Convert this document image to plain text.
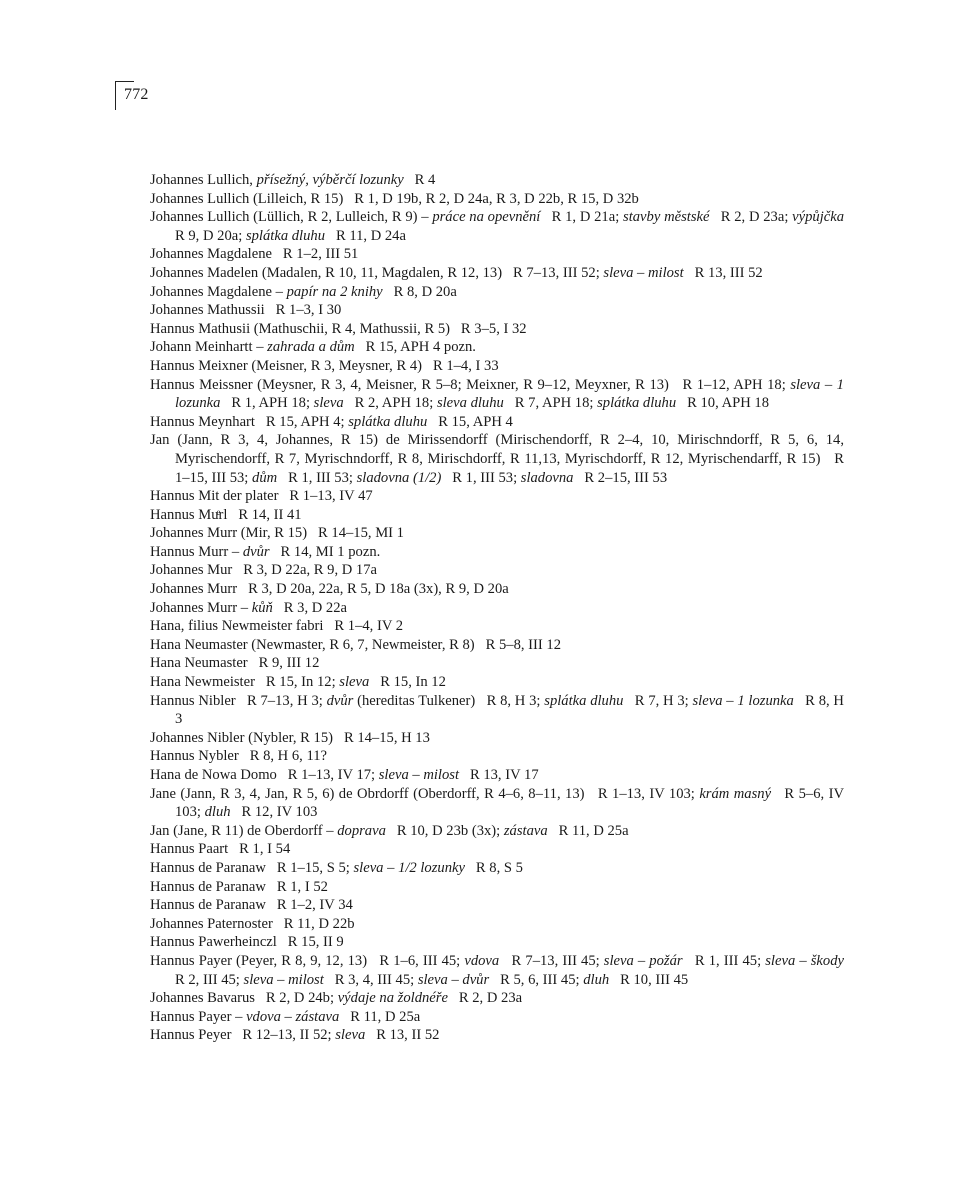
772
Johannes Lullich, přísežný, výběrčí lozunky   R 4
Johannes Lullich (Lilleich, R 15)   R 1, D 19b, R 2, D 24a, R 3, D 22b, R 15, D 32b
Johannes Lullich (Lüllich, R 2, Lulleich, R 9) – práce na opevnění   R 1, D 21a; stavby městské   R 2, D 23a; výpůjčka   R 9, D 20a; splátka dluhu   R 11, D 24a
Johannes Magdalene   R 1–2, III 51
Johannes Madelen (Madalen, R 10, 11, Magdalen, R 12, 13)   R 7–13, III 52; sleva – milost   R 13, III 52
Johannes Magdalene – papír na 2 knihy   R 8, D 20a
Johannes Mathussii   R 1–3, I 30
Hannus Mathusii (Mathuschii, R 4, Mathussii, R 5)   R 3–5, I 32
Johann Meinhartt – zahrada a dům   R 15, APH 4 pozn.
Hannus Meixner (Meisner, R 3, Meysner, R 4)   R 1–4, I 33
Hannus Meissner (Meysner, R 3, 4, Meisner, R 5–8; Meixner, R 9–12, Meyxner, R 13)   R 1–12, APH 18; sleva – 1 lozunka   R 1, APH 18; sleva   R 2, APH 18; sleva dluhu   R 7, APH 18; splátka dluhu   R 10, APH 18
Hannus Meynhart   R 15, APH 4; splátka dluhu   R 15, APH 4
Jan (Jann, R 3, 4, Johannes, R 15) de Mirissendorff (Mirischendorff, R 2–4, 10, Mirischndorff, R 5, 6, 14, Myrischendorff, R 7, Myrischndorff, R 8, Mirischdorff, R 11,13, Myrischdorff, R 12, Myrischendarff, R 15)   R 1–15, III 53; dům   R 1, III 53; sladovna (1/2)   R 1, III 53; sladovna   R 2–15, III 53
Hannus Mit der plater   R 1–13, IV 47
Hannus Muͤrl   R 14, II 41
Johannes Murr (Mir, R 15)   R 14–15, MI 1
Hannus Murr – dvůr   R 14, MI 1 pozn.
Johannes Mur   R 3, D 22a, R 9, D 17a
Johannes Murr   R 3, D 20a, 22a, R 5, D 18a (3x), R 9, D 20a
Johannes Murr – kůň   R 3, D 22a
Hana, filius Newmeister fabri   R 1–4, IV 2
Hana Neumaster (Newmaster, R 6, 7, Newmeister, R 8)   R 5–8, III 12
Hana Neumaster   R 9, III 12
Hana Newmeister   R 15, In 12; sleva   R 15, In 12
Hannus Nibler   R 7–13, H 3; dvůr (hereditas Tulkener)   R 8, H 3; splátka dluhu   R 7, H 3; sleva – 1 lozunka   R 8, H 3
Johannes Nibler (Nybler, R 15)   R 14–15, H 13
Hannus Nybler   R 8, H 6, 11?
Hana de Nowa Domo   R 1–13, IV 17; sleva – milost   R 13, IV 17
Jane (Jann, R 3, 4, Jan, R 5, 6) de Obrdorff (Oberdorff, R 4–6, 8–11, 13)   R 1–13, IV 103; krám masný   R 5–6, IV 103; dluh   R 12, IV 103
Jan (Jane, R 11) de Oberdorff – doprava   R 10, D 23b (3x); zástava   R 11, D 25a
Hannus Paart   R 1, I 54
Hannus de Paranaw   R 1–15, S 5; sleva – 1/2 lozunky   R 8, S 5
Hannus de Paranaw   R 1, I 52
Hannus de Paranaw   R 1–2, IV 34
Johannes Paternoster   R 11, D 22b
Hannus Pawerheinczl   R 15, II 9
Hannus Payer (Peyer, R 8, 9, 12, 13)   R 1–6, III 45; vdova   R 7–13, III 45; sleva – požár   R 1, III 45; sleva – škody   R 2, III 45; sleva – milost   R 3, 4, III 45; sleva – dvůr   R 5, 6, III 45; dluh   R 10, III 45
Johannes Bavarus   R 2, D 24b; výdaje na žoldnéře   R 2, D 23a
Hannus Payer – vdova – zástava   R 11, D 25a
Hannus Peyer   R 12–13, II 52; sleva   R 13, II 52
